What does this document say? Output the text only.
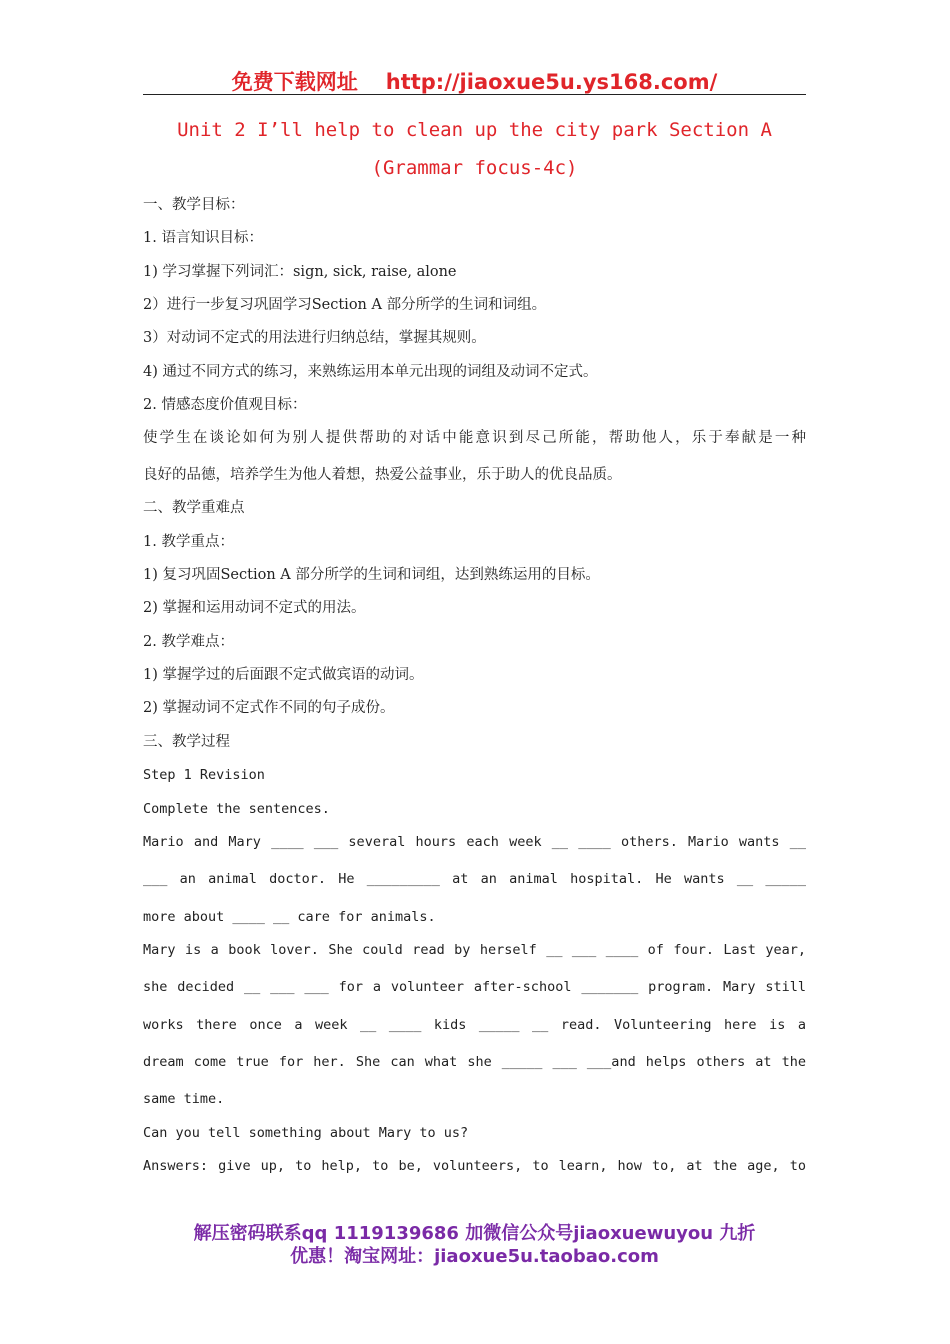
免费下载网址 http://jiaoxue5u.ys168.com/
Unit 2 I’ll help to clean up the city park Section A
(Grammar focus-4c)
一、教学目标：
1. 语言知识目标：
1) 学习掌握下列词汇：sign, sick, raise, alone
2）进行一步复习巩固学习Section A 部分所学的生词和词组。
3）对动词不定式的用法进行归纳总结，掌握其规则。
4) 通过不同方式的练习，来熟练运用本单元出现的词组及动词不定式。
2. 情感态度价值观目标：
使学生在谈论如何为别人提供帮助的对话中能意识到尽己所能，帮助他人，乐于奉献是一种
良好的品德，培养学生为他人着想，热爱公益事业，乐于助人的优良品质。
二、教学重难点
1. 教学重点：
1) 复习巩固Section A 部分所学的生词和词组，达到熟练运用的目标。
2) 掌握和运用动词不定式的用法。
2. 教学难点：
1) 掌握学过的后面跟不定式做宾语的动词。
2) 掌握动词不定式作不同的句子成份。
三、教学过程
Step 1 Revision
Complete the sentences.
Mario and Mary ____ ___ several hours each week __ ____ others. Mario wants __
___ an animal doctor. He _________ at an animal hospital. He wants __ _____
more about ____ __ care for animals.
Mary is a book lover. She could read by herself __ ___ ____ of four. Last year,
she decided __ ___ ___ for a volunteer after-school _______ program. Mary still
works there once a week __ ____ kids _____ __ read. Volunteering here is a
dream come true for her. She can what she _____ ___ ___and helps others at the
same time.
Can you tell something about Mary to us?
Answers: give up, to help, to be, volunteers, to learn, how to, at the age, to
解压密码联系qq 1119139686 加微信公众号jiaoxuewuyou 九折
优惠！淘宝网址：jiaoxue5u.taobao.com
